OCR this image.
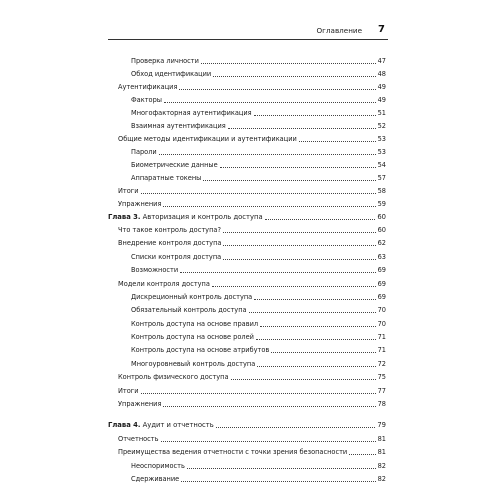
Оглавление 7
Проверка личности	47
Обход идентификации	48
Аутентификация	49
Факторы	49
Многофакторная аутентификация	51
Взаимная аутентификация	52
Общие методы идентификации и аутентификации	53
Пароли	53
Биометрические данные	54
Аппаратные токены	57
Итоги	58
Упражнения	59
Глава 3. Авторизация и контроль доступа	60
Что такое контроль доступа?	60
Внедрение контроля доступа	62
Списки контроля доступа	63
Возможности	69
Модели контроля доступа	69
Дискреционный контроль доступа	69
Обязательный контроль доступа	70
Контроль доступа на основе правил	70
Контроль доступа на основе ролей	71
Контроль доступа на основе атрибутов	71
Многоуровневый контроль доступа	72
Контроль физического доступа	75
Итоги	77
Упражнения	78
Глава 4. Аудит и отчетность	79
Отчетность	81
Преимущества ведения отчетности с точки зрения безопасности	81
Неоспоримость	82
Сдерживание	82
